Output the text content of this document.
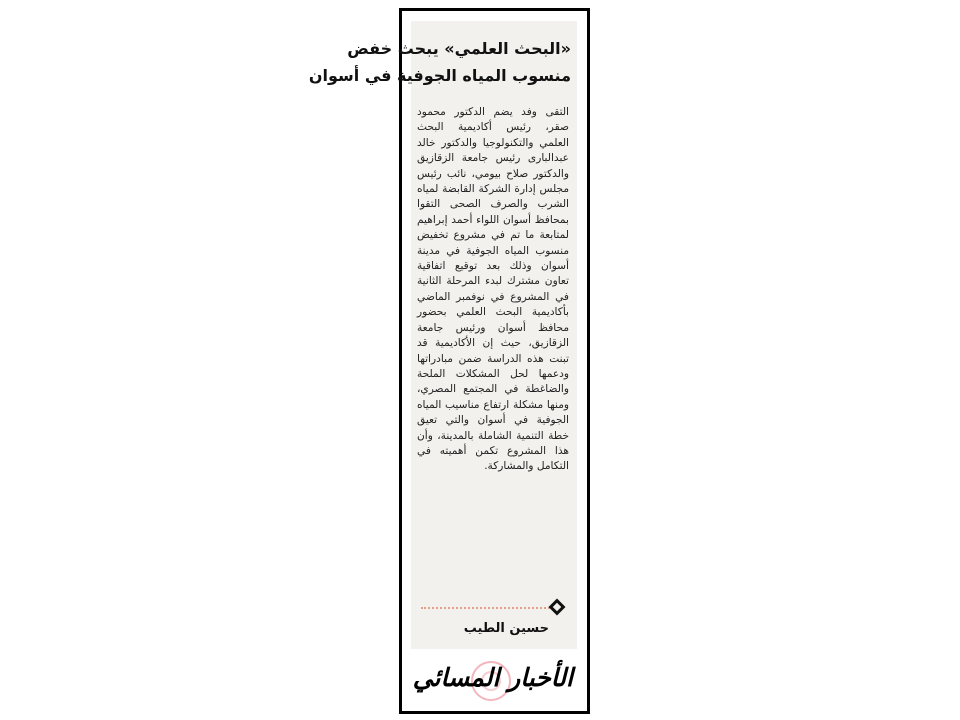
«البحث العلمي» يبحث خفض
منسوب المياه الجوفية في أسوان

التقى وفد يضم الدكتور محمود صقر، رئيس أكاديمية البحث العلمي والتكنولوجيا والدكتور خالد عبدالبارى رئيس جامعة الزقازيق والدكتور صلاح بيومي، نائب رئيس مجلس إدارة الشركة القابضة لمياه الشرب والصرف الصحى التقوا بمحافظ أسوان اللواء أحمد إبراهيم لمتابعة ما تم في مشروع تخفيض منسوب المياه الجوفية في مدينة أسوان وذلك بعد توقيع اتفاقية تعاون مشترك لبدء المرحلة الثانية في المشروع في نوفمبر الماضي بأكاديمية البحث العلمي بحضور محافظ أسوان ورئيس جامعة الزقازيق، حيث إن الأكاديمية قد تبنت هذه الدراسة ضمن مبادراتها ودعمها لحل المشكلات الملحة والضاغطة في المجتمع المصري، ومنها مشكلة ارتفاع مناسيب المياه الجوفية في أسوان والتي تعيق خطة التنمية الشاملة بالمدينة، وأن هذا المشروع تكمن أهميته في التكامل والمشاركة.

حسين الطيب
الأخبار المسائي
